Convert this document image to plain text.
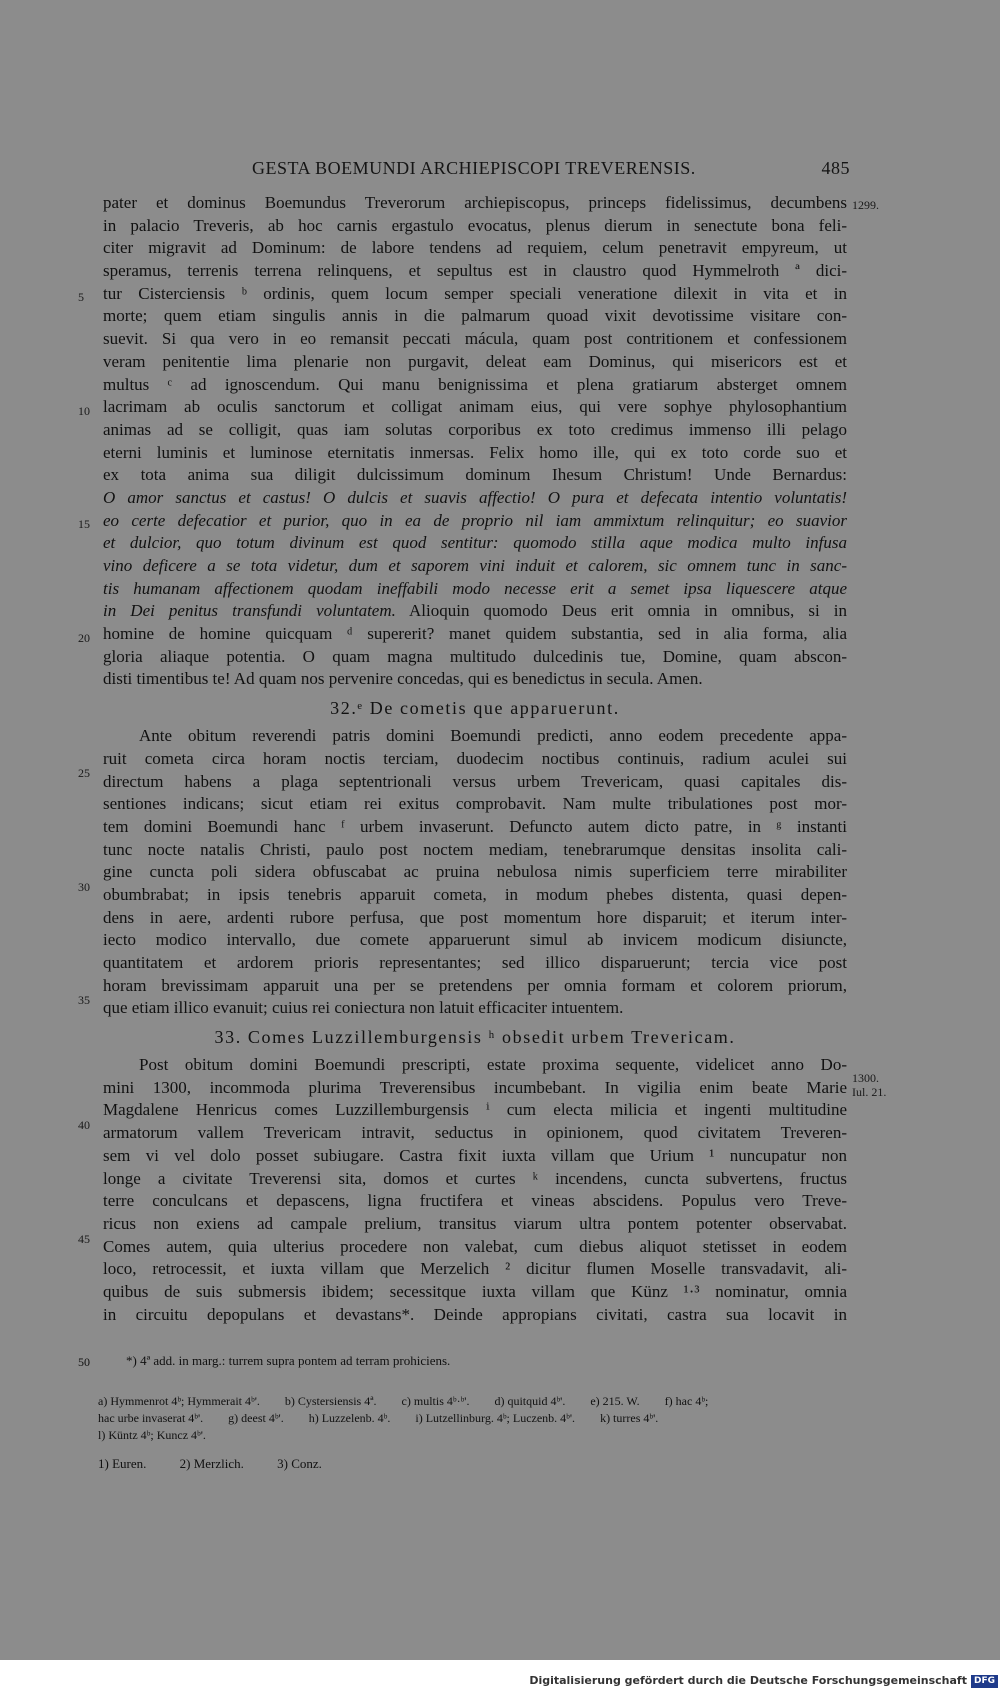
GESTA BOEMUNDI ARCHIEPISCOPI TREVERENSIS.	485
pater et dominus Boemundus Treverorum archiepiscopus, princeps fidelissimus, decumbens
in palacio Treveris, ab hoc carnis ergastulo evocatus, plenus dierum in senectute bona feli-
citer migravit ad Dominum: de labore tendens ad requiem, celum penetravit empyreum, ut
speramus, terrenis terrena relinquens, et sepultus est in claustro quod Hymmelroth ª dici-
tur Cisterciensis ᵇ ordinis, quem locum semper speciali veneratione dilexit in vita et in
morte; quem etiam singulis annis in die palmarum quoad vixit devotissime visitare con-
suevit. Si qua vero in eo remansit peccati mácula, quam post contritionem et confessionem
veram penitentie lima plenarie non purgavit, deleat eam Dominus, qui misericors est et
multus ᶜ ad ignoscendum. Qui manu benignissima et plena gratiarum absterget omnem
lacrimam ab oculis sanctorum et colligat animam eius, qui vere sophye phylosophantium
animas ad se colligit, quas iam solutas corporibus ex toto credimus immenso illi pelago
eterni luminis et luminose eternitatis inmersas. Felix homo ille, qui ex toto corde suo et
ex tota anima sua diligit dulcissimum dominum Ihesum Christum! Unde Bernardus:
O amor sanctus et castus! O dulcis et suavis affectio! O pura et defecata intentio voluntatis!
eo certe defecatior et purior, quo in ea de proprio nil iam ammixtum relinquitur; eo suavior
et dulcior, quo totum divinum est quod sentitur: quomodo stilla aque modica multo infusa
vino deficere a se tota videtur, dum et saporem vini induit et calorem, sic omnem tunc in sanc-
tis humanam affectionem quodam ineffabili modo necesse erit a semet ipsa liquescere atque
in Dei penitus transfundi voluntatem. Alioquin quomodo Deus erit omnia in omnibus, si in
homine de homine quicquam ᵈ supererit? manet quidem substantia, sed in alia forma, alia
gloria aliaque potentia. O quam magna multitudo dulcedinis tue, Domine, quam abscon-
disti timentibus te! Ad quam nos pervenire concedas, qui es benedictus in secula. Amen.
32.ᵉ De cometis que apparuerunt.
Ante obitum reverendi patris domini Boemundi predicti, anno eodem precedente appa-
ruit cometa circa horam noctis terciam, duodecim noctibus continuis, radium aculei sui
directum habens a plaga septentrionali versus urbem Trevericam, quasi capitales dis-
sentiones indicans; sicut etiam rei exitus comprobavit. Nam multe tribulationes post mor-
tem domini Boemundi hanc ᶠ urbem invaserunt. Defuncto autem dicto patre, in ᵍ instanti
tunc nocte natalis Christi, paulo post noctem mediam, tenebrarumque densitas insolita cali-
gine cuncta poli sidera obfuscabat ac pruina nebulosa nimis superficiem terre mirabiliter
obumbrabat; in ipsis tenebris apparuit cometa, in modum phebes distenta, quasi depen-
dens in aere, ardenti rubore perfusa, que post momentum hore disparuit; et iterum inter-
iecto modico intervallo, due comete apparuerunt simul ab invicem modicum disiuncte,
quantitatem et ardorem prioris representantes; sed illico disparuerunt; tercia vice post
horam brevissimam apparuit una per se pretendens per omnia formam et colorem priorum,
que etiam illico evanuit; cuius rei coniectura non latuit efficaciter intuentem.
33. Comes Luzzillemburgensis ʰ obsedit urbem Trevericam.
Post obitum domini Boemundi prescripti, estate proxima sequente, videlicet anno Do-
mini 1300, incommoda plurima Treverensibus incumbebant. In vigilia enim beate Marie
Magdalene Henricus comes Luzzillemburgensis ⁱ cum electa milicia et ingenti multitudine
armatorum vallem Trevericam intravit, seductus in opinionem, quod civitatem Treveren-
sem vi vel dolo posset subiugare. Castra fixit iuxta villam que Urium ¹ nuncupatur non
longe a civitate Treverensi sita, domos et curtes ᵏ incendens, cuncta subvertens, fructus
terre conculcans et depascens, ligna fructifera et vineas abscidens. Populus vero Treve-
ricus non exiens ad campale prelium, transitus viarum ultra pontem potenter observabat.
Comes autem, quia ulterius procedere non valebat, cum diebus aliquot stetisset in eodem
loco, retrocessit, et iuxta villam que Merzelich ² dicitur flumen Moselle transvadavit, ali-
quibus de suis submersis ibidem; secessitque iuxta villam que Künz ¹·³ nominatur, omnia
in circuitu depopulans et devastans*. Deinde appropians civitati, castra sua locavit in
5
10
15
20
25
30
35
40
45
50
1299.
1300.
Iul. 21.
*) 4ª add. in marg.: turrem supra pontem ad terram prohiciens.
a) Hymmenrot 4ᵇ; Hymmerait 4ᵇ'. b) Cystersiensis 4ª. c) multis 4ᵇ·ᵇ'. d) quitquid 4ᵇ'. e) 215. W. f) hac 4ᵇ;
hac urbe invaserat 4ᵇ'. g) deest 4ᵇ'. h) Luzzelenb. 4ᵇ. i) Lutzellinburg. 4ᵇ; Luczenb. 4ᵇ'. k) turres 4ᵇ'.
l) Küntz 4ᵇ; Kuncz 4ᵇ'.
1) Euren.	2) Merzlich.	3) Conz.
Digitalisierung gefördert durch die Deutsche Forschungsgemeinschaft DFG
